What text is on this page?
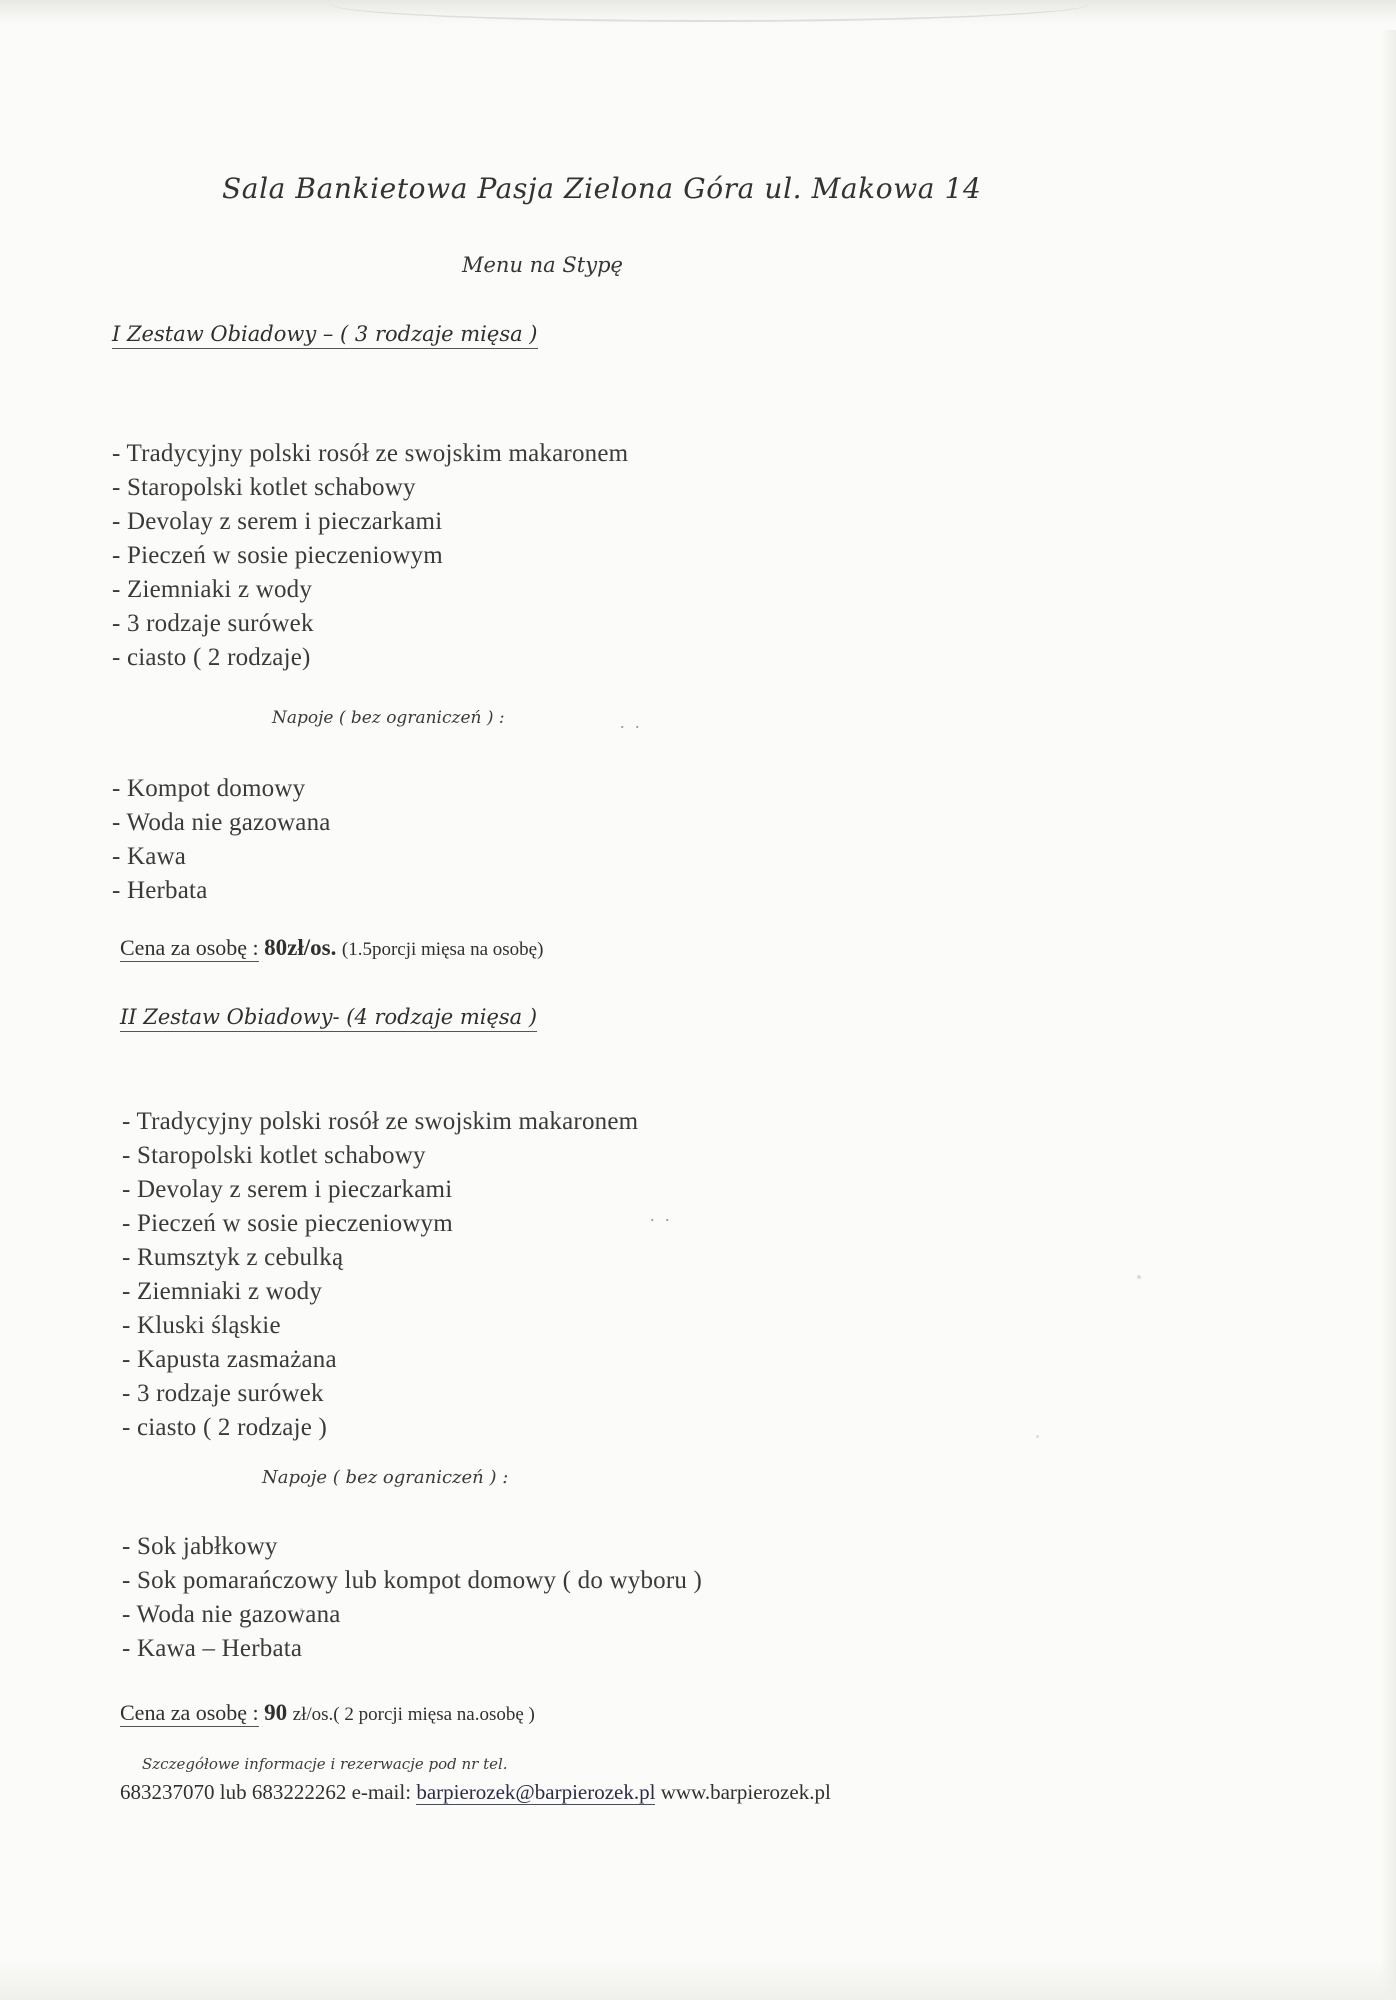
. .
. .
Sala Bankietowa Pasja Zielona Góra ul. Makowa 14
Menu na Stypę
I Zestaw Obiadowy – ( 3 rodzaje mięsa )
- Tradycyjny polski rosół ze swojskim makaronem
- Staropolski kotlet schabowy
- Devolay z serem i pieczarkami
- Pieczeń w sosie pieczeniowym
- Ziemniaki z wody
- 3 rodzaje surówek
- ciasto ( 2 rodzaje)
Napoje ( bez ograniczeń ) :
- Kompot domowy
- Woda nie gazowana
- Kawa
- Herbata
Cena za osobę : 80zł/os. (1.5porcji mięsa na osobę)
II Zestaw Obiadowy- (4 rodzaje mięsa )
- Tradycyjny polski rosół ze swojskim makaronem
- Staropolski kotlet schabowy
- Devolay z serem i pieczarkami
- Pieczeń w sosie pieczeniowym
- Rumsztyk z cebulką
- Ziemniaki z wody
- Kluski śląskie
- Kapusta zasmażana
- 3 rodzaje surówek
- ciasto ( 2 rodzaje )
Napoje ( bez ograniczeń ) :
- Sok jabłkowy
- Sok pomarańczowy lub kompot domowy ( do wyboru )
- Woda nie gazowana
- Kawa – Herbata
Cena za osobę : 90 zł/os.( 2 porcji mięsa na.osobę )
Szczegółowe informacje i rezerwacje pod nr tel.
683237070 lub 683222262 e-mail: barpierozek@barpierozek.pl www.barpierozek.pl
